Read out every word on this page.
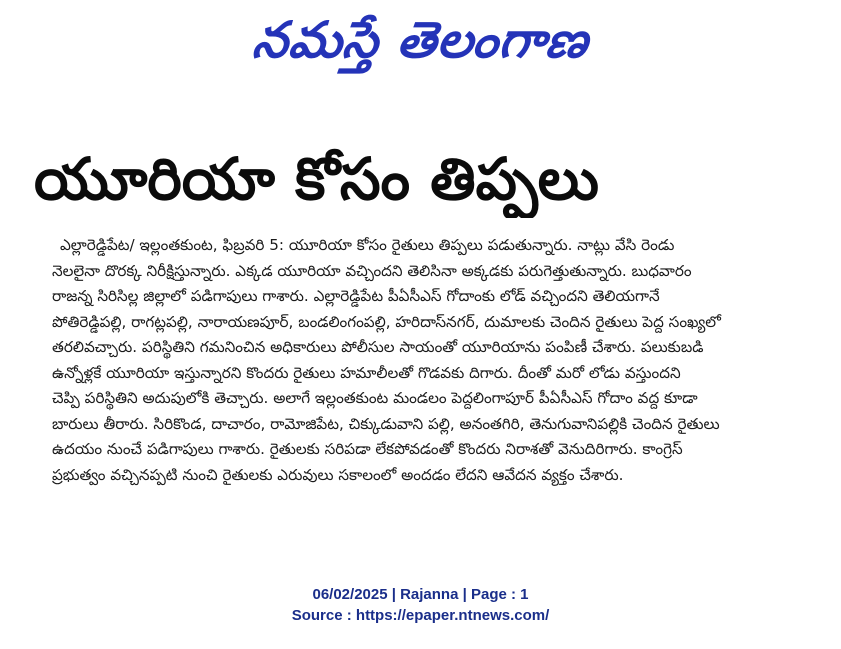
నమస్తే తెలంగాణ
యూరియా కోసం తిప్పలు
ఎల్లారెడ్డిపేట/ ఇల్లంతకుంట, ఫిబ్రవరి 5: యూరియా కోసం రైతులు తిప్పలు పడుతున్నారు. నాట్లు వేసి రెండు
నెలలైనా దొరక్క నిరీక్షిస్తున్నారు. ఎక్కడ యూరియా వచ్చిందని తెలిసినా అక్కడకు పరుగెత్తుతున్నారు. బుధవారం
రాజన్న సిరిసిల్ల జిల్లాలో పడిగాపులు గాశారు. ఎల్లారెడ్డిపేట పీఏసీఎస్ గోదాంకు లోడ్ వచ్చిందని తెలియగానే
పోతిరెడ్డిపల్లి, రాగట్లపల్లి, నారాయణపూర్, బండలింగంపల్లి, హరిదాస్‌నగర్, దుమాలకు చెందిన రైతులు పెద్ద సంఖ్యలో
తరలివచ్చారు. పరిస్థితిని గమనించిన అధికారులు పోలీసుల సాయంతో యూరియాను పంపిణీ చేశారు. పలుకుబడి
ఉన్నోళ్లకే యూరియా ఇస్తున్నారని కొందరు రైతులు హమాలీలతో గొడవకు దిగారు. దీంతో మరో లోడు వస్తుందని
చెప్పి పరిస్థితిని అదుపులోకి తెచ్చారు. అలాగే ఇల్లంతకుంట మండలం పెద్దలింగాపూర్ పీఏసీఎస్ గోదాం వద్ద కూడా
బారులు తీరారు. సిరికొండ, దాచారం, రామోజిపేట, చిక్కుడువాని పల్లి, అనంతగిరి, తెనుగువానిపల్లికి చెందిన రైతులు
ఉదయం నుంచే పడిగాపులు గాశారు. రైతులకు సరిపడా లేకపోవడంతో కొందరు నిరాశతో వెనుదిరిగారు. కాంగ్రెస్
ప్రభుత్వం వచ్చినప్పటి నుంచి రైతులకు ఎరువులు సకాలంలో అందడం లేదని ఆవేదన వ్యక్తం చేశారు.
06/02/2025 | Rajanna | Page : 1
Source : https://epaper.ntnews.com/
